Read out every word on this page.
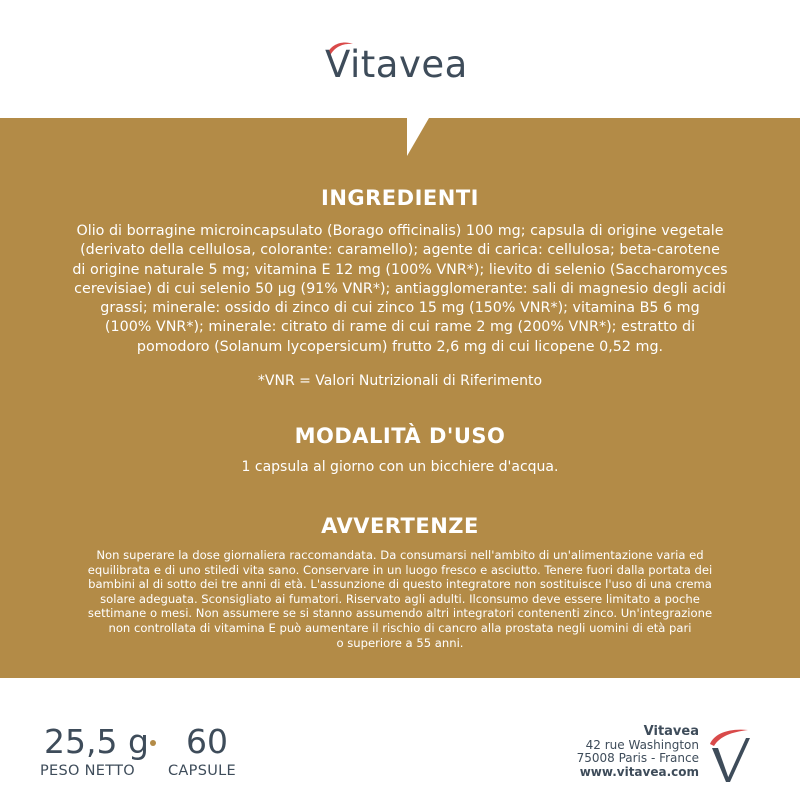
Vitavea
INGREDIENTI
Olio di borragine microincapsulato (Borago officinalis) 100 mg; capsula di origine vegetale
(derivato della cellulosa, colorante: caramello); agente di carica: cellulosa; beta-carotene
di origine naturale 5 mg; vitamina E 12 mg (100% VNR*); lievito di selenio (Saccharomyces
cerevisiae) di cui selenio 50 µg (91% VNR*); antiagglomerante: sali di magnesio degli acidi
grassi; minerale: ossido di zinco di cui zinco 15 mg (150% VNR*); vitamina B5 6 mg
(100% VNR*); minerale: citrato di rame di cui rame 2 mg (200% VNR*); estratto di
pomodoro (Solanum lycopersicum) frutto 2,6 mg di cui licopene 0,52 mg.

*VNR = Valori Nutrizionali di Riferimento

MODALITÀ D'USO

1 capsula al giorno con un bicchiere d'acqua.

AVVERTENZE
Non superare la dose giornaliera raccomandata. Da consumarsi nell'ambito di un'alimentazione varia ed
equilibrata e di uno stiledi vita sano. Conservare in un luogo fresco e asciutto. Tenere fuori dalla portata dei
bambini al di sotto dei tre anni di età. L'assunzione di questo integratore non sostituisce l'uso di una crema
solare adeguata. Sconsigliato ai fumatori. Riservato agli adulti. Ilconsumo deve essere limitato a poche
settimane o mesi. Non assumere se si stanno assumendo altri integratori contenenti zinco. Un'integrazione
non controllata di vitamina E può aumentare il rischio di cancro alla prostata negli uomini di età pari
o superiore a 55 anni.
25,5 g
PESO NETTO
60
CAPSULE
Vitavea
42 rue Washington
75008 Paris - France
www.vitavea.com
